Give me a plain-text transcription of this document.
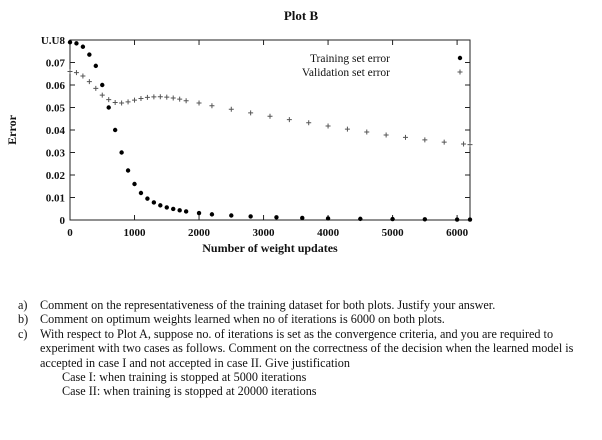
Plot B
0
0.01
0.02
0.03
0.04
0.05
0.06
0.07
U.U8
0	1000	2000	3000	4000	5000	6000
Number of weight updates
Error
Training set error
Validation set error
a)	Comment on the representativeness of the training dataset for both plots. Justify your answer.
b) Comment on optimum weights learned when no of iterations is 6000 on both plots.
c)	With respect to Plot A, suppose no. of iterations is set as the convergence criteria, and you are required to experiment with two cases as follows. Comment on the correctness of the decision when the learned model is accepted in case I and not accepted in case II. Give justification
Case I: when training is stopped at 5000 iterations
Case II: when training is stopped at 20000 iterations
